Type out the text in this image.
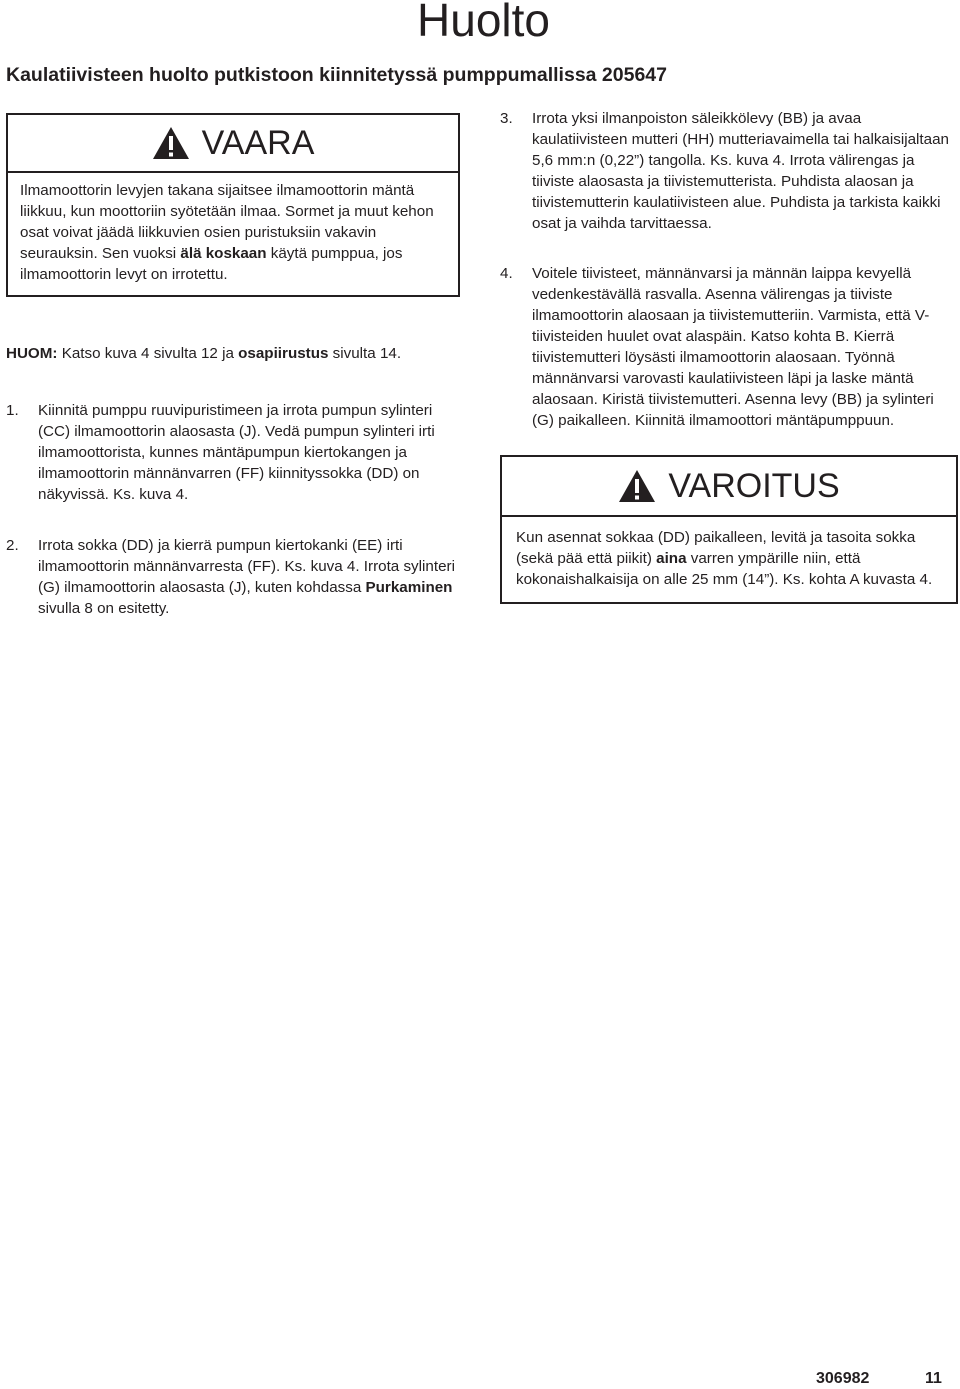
Huolto
Kaulatiivisteen huolto putkistoon kiinnitetyssä pumppumallissa 205647
VAARA
Ilmamoottorin levyjen takana sijaitsee ilmamoottorin mäntä liikkuu, kun moottoriin syötetään ilmaa. Sormet ja muut kehon osat voivat jäädä liikkuvien osien puristuksiin vakavin seurauksin. Sen vuoksi älä koskaan käytä pumppua, jos ilmamoottorin levyt on irrotettu.

HUOM: Katso kuva 4 sivulta 12 ja osapiirustus sivulta 14.

1.	Kiinnitä pumppu ruuvipuristimeen ja irrota pumpun sylinteri (CC) ilmamoottorin alaosasta (J). Vedä pumpun sylinteri irti ilmamoottorista, kunnes mäntäpumpun kiertokangen ja ilmamoottorin männänvarren (FF) kiinnityssokka (DD) on näkyvissä. Ks. kuva 4.
2.	Irrota sokka (DD) ja kierrä pumpun kiertokanki (EE) irti ilmamoottorin männänvarresta (FF). Ks. kuva 4. Irrota sylinteri (G) ilmamoottorin alaosasta (J), kuten kohdassa Purkaminen sivulla 8 on esitetty.
3.	Irrota yksi ilmanpoiston säleikkölevy (BB) ja avaa kaulatiivisteen mutteri (HH) mutteriavaimella tai halkaisijaltaan 5,6 mm:n (0,22”) tangolla. Ks. kuva 4. Irrota välirengas ja tiiviste alaosasta ja tiivistemutterista. Puhdista alaosan ja tiivistemutterin kaulatiivisteen alue. Puhdista ja tarkista kaikki osat ja vaihda tarvittaessa.
4.	Voitele tiivisteet, männänvarsi ja männän laippa kevyellä vedenkestävällä rasvalla. Asenna välirengas ja tiiviste ilmamoottorin alaosaan ja tiivistemutteriin. Varmista, että V-tiivisteiden huulet ovat alaspäin. Katso kohta B. Kierrä tiivistemutteri löysästi ilmamoottorin alaosaan. Työnnä männänvarsi varovasti kaulatiivisteen läpi ja laske mäntä alaosaan. Kiristä tiivistemutteri. Asenna levy (BB) ja sylinteri (G) paikalleen. Kiinnitä ilmamoottori mäntäpumppuun.
VAROITUS
Kun asennat sokkaa (DD) paikalleen, levitä ja tasoita sokka (sekä pää että piikit) aina varren ympärille niin, että kokonaishalkaisija on alle 25 mm (14”). Ks. kohta A kuvasta 4.
306982	11
